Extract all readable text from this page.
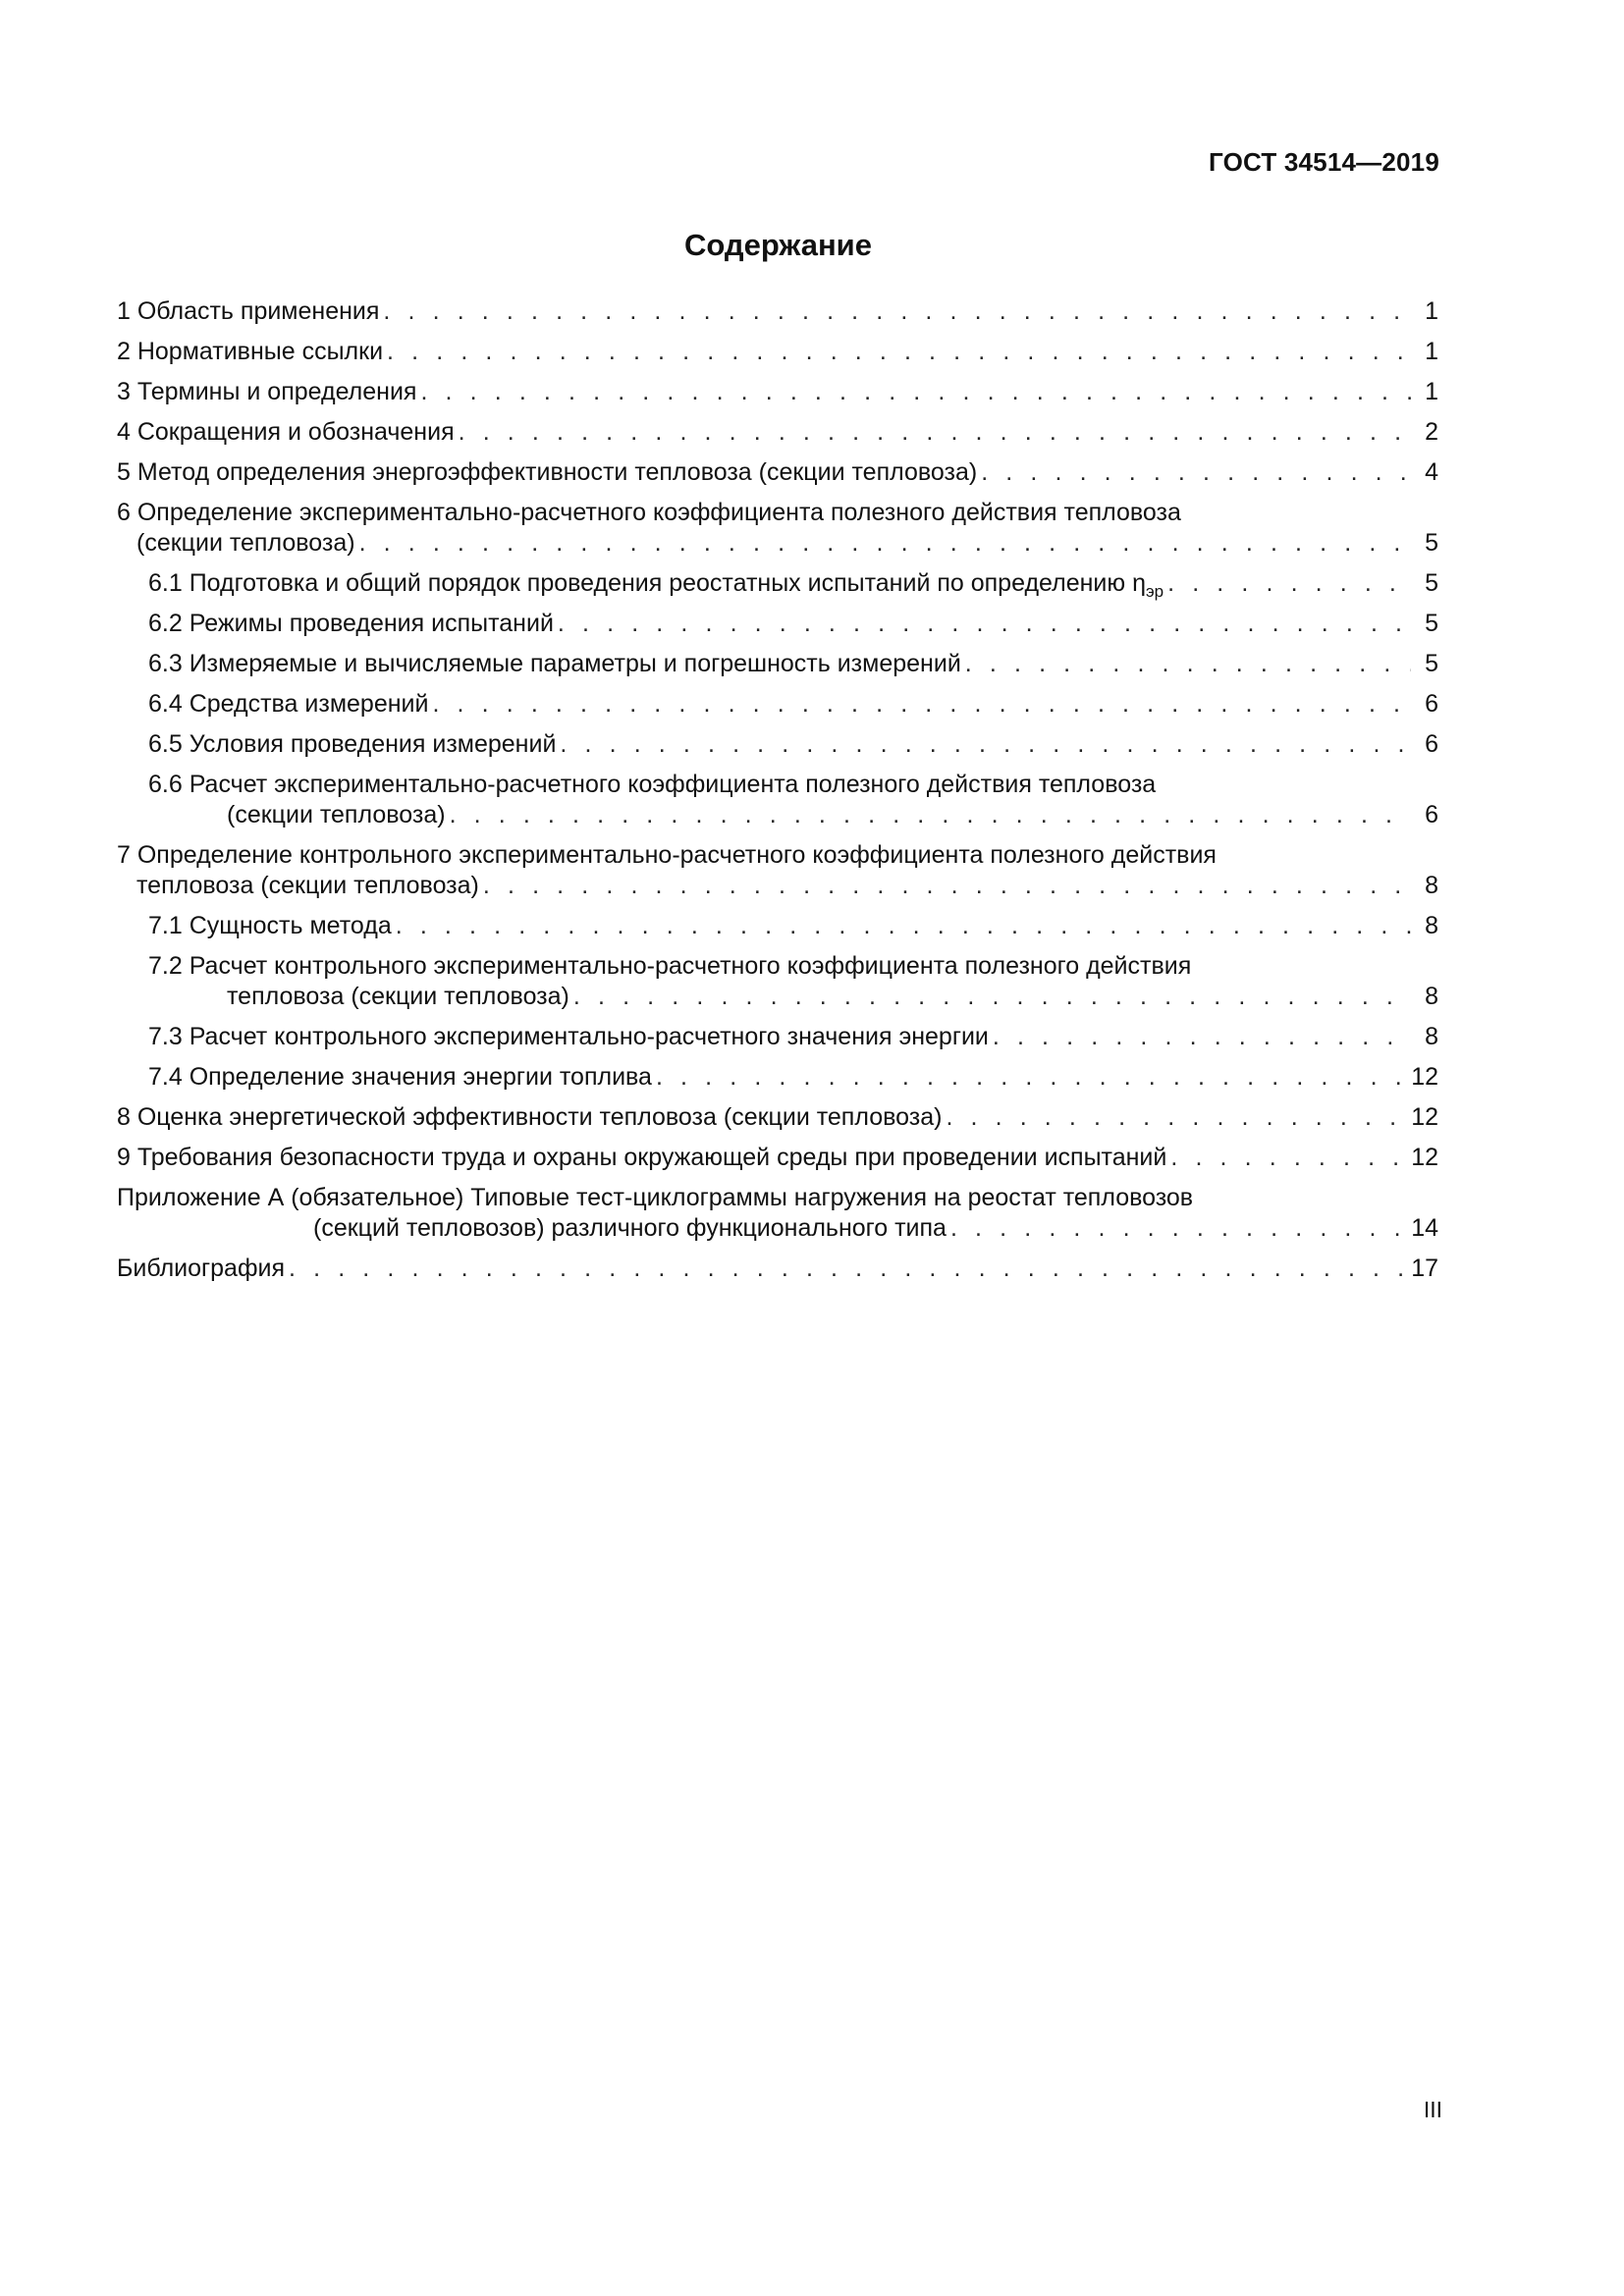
ГОСТ 34514—2019
Содержание
1 Область применения . . .	1
2 Нормативные ссылки . . .	1
3 Термины и определения . . .	1
4 Сокращения и обозначения . . .	2
5 Метод определения энергоэффективности тепловоза (секции тепловоза) . . .	4
6 Определение экспериментально-расчетного коэффициента полезного действия тепловоза
(секции тепловоза) . . .	5
6.1 Подготовка и общий порядок проведения реостатных испытаний по определению $\eta_{эр}$ . . .	5
6.2 Режимы проведения испытаний . . .	5
6.3 Измеряемые и вычисляемые параметры и погрешность измерений . . .	5
6.4 Средства измерений . . .	6
6.5 Условия проведения измерений . . .	6
6.6 Расчет экспериментально-расчетного коэффициента полезного действия тепловоза
(секции тепловоза) . . .	6
7 Определение контрольного экспериментально-расчетного коэффициента полезного действия
тепловоза (секции тепловоза) . . .	8
7.1 Сущность метода . . .	8
7.2 Расчет контрольного экспериментально-расчетного коэффициента полезного действия
тепловоза (секции тепловоза) . . .	8
7.3 Расчет контрольного экспериментально-расчетного значения энергии . . .	8
7.4 Определение значения энергии топлива . . .	12
8 Оценка энергетической эффективности тепловоза (секции тепловоза) . . .	12
9 Требования безопасности труда и охраны окружающей среды при проведении испытаний . . .	12
Приложение А (обязательное) Типовые тест-циклограммы нагружения на реостат тепловозов
(секций тепловозов) различного функционального типа . . .	14
Библиография . . .	17
III
